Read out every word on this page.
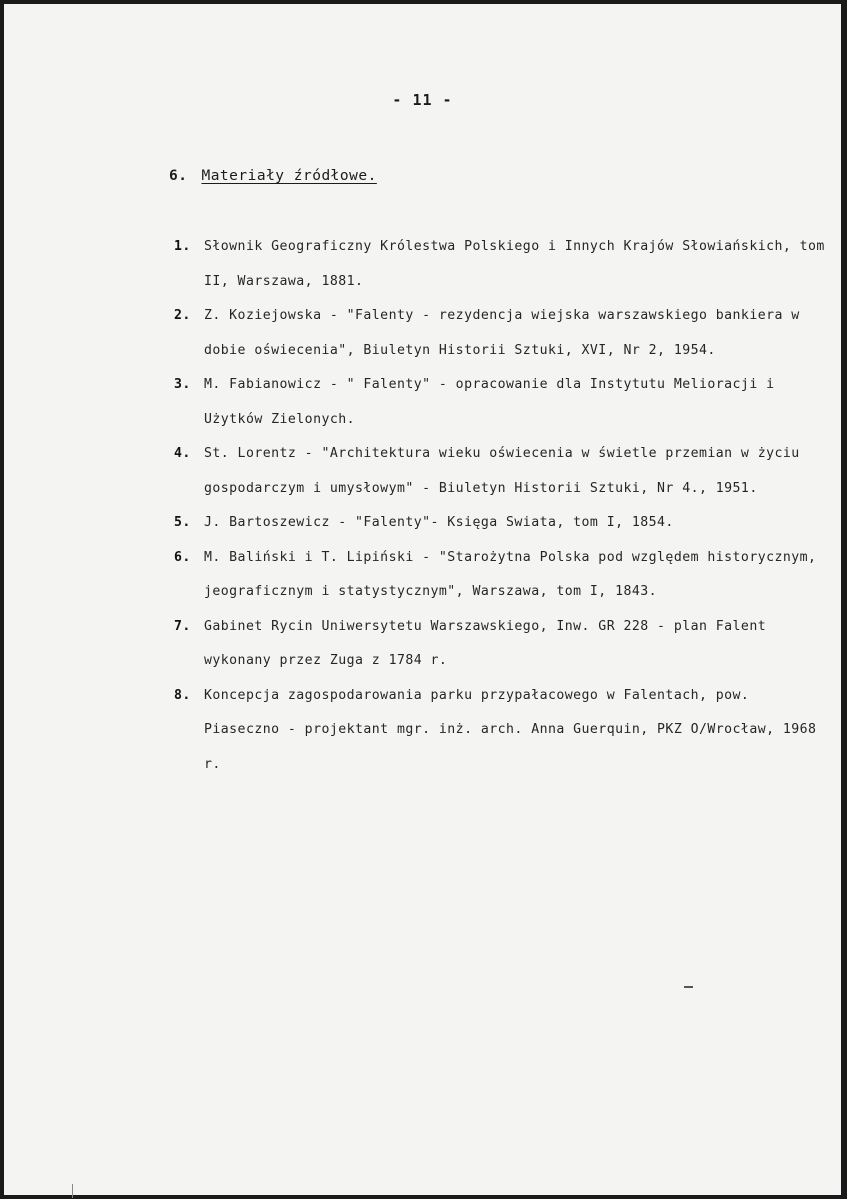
- 11 -
6. Materiały źródłowe.
1. Słownik Geograficzny Królestwa Polskiego i Innych Krajów Słowiańskich, tom II, Warszawa, 1881.
2. Z. Koziejowska - "Falenty - rezydencja wiejska warszawskiego bankiera w dobie oświecenia", Biuletyn Historii Sztuki, XVI, Nr 2, 1954.
3. M. Fabianowicz - " Falenty" - opracowanie dla Instytutu Melioracji i Użytków Zielonych.
4. St. Lorentz - "Architektura wieku oświecenia w świetle przemian w życiu gospodarczym i umysłowym" - Biuletyn Historii Sztuki, Nr 4., 1951.
5. J. Bartoszewicz - "Falenty"- Księga Swiata, tom I, 1854.
6. M. Baliński i T. Lipiński - "Starożytna Polska pod względem historycznym, jeograficznym i statystycznym", Warszawa, tom I, 1843.
7. Gabinet Rycin Uniwersytetu Warszawskiego, Inw. GR 228 - plan Falent wykonany przez Zuga z 1784 r.
8. Koncepcja zagospodarowania parku przypałacowego w Falentach, pow. Piaseczno - projektant mgr. inż. arch. Anna Guerquin, PKZ O/Wrocław, 1968 r.
